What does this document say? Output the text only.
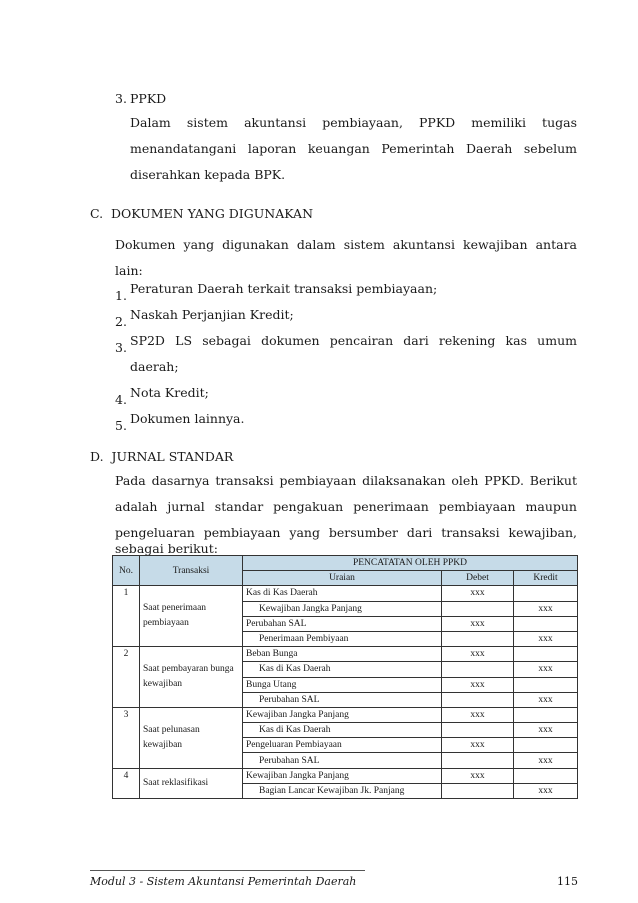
3. PPKD

Dalam sistem akuntansi pembiayaan, PPKD memiliki tugas

menandatangani laporan keuangan Pemerintah Daerah sebelum

diserahkan kepada BPK.

C.  DOKUMEN YANG DIGUNAKAN

Dokumen yang digunakan dalam sistem akuntansi kewajiban antara

lain:

1. Peraturan Daerah terkait transaksi pembiayaan;

2. Naskah Perjanjian Kredit;

3. SP2D LS sebagai dokumen pencairan dari rekening kas umum

daerah;

4. Nota Kredit;

5. Dokumen lainnya.

D.  JURNAL STANDAR

Pada dasarnya transaksi pembiayaan dilaksanakan oleh PPKD. Berikut

adalah jurnal standar pengakuan penerimaan pembiayaan maupun

pengeluaran pembiayaan yang bersumber dari transaksi kewajiban,

sebagai berikut:

No.	Transaksi	PENCATATAN OLEH PPKD		
		Uraian	Debet	Kredit
1	Saat penerimaan pembiayaan	Kas di Kas Daerah	xxx	
		Kewajiban Jangka Panjang		xxx
		Perubahan SAL	xxx	
		Penerimaan Pembiyaan		xxx
2	Saat pembayaran bunga kewajiban	Beban Bunga	xxx	
		Kas di Kas Daerah		xxx
		Bunga Utang	xxx	
		Perubahan SAL		xxx
3	Saat pelunasan kewajiban	Kewajiban Jangka Panjang	xxx	
		Kas di Kas Daerah		xxx
		Pengeluaran Pembiayaan	xxx	
		Perubahan SAL		xxx
4	Saat reklasifikasi	Kewajiban Jangka Panjang	xxx	
		Bagian Lancar Kewajiban Jk. Panjang		xxx
Modul 3 - Sistem Akuntansi Pemerintah Daerah	115
